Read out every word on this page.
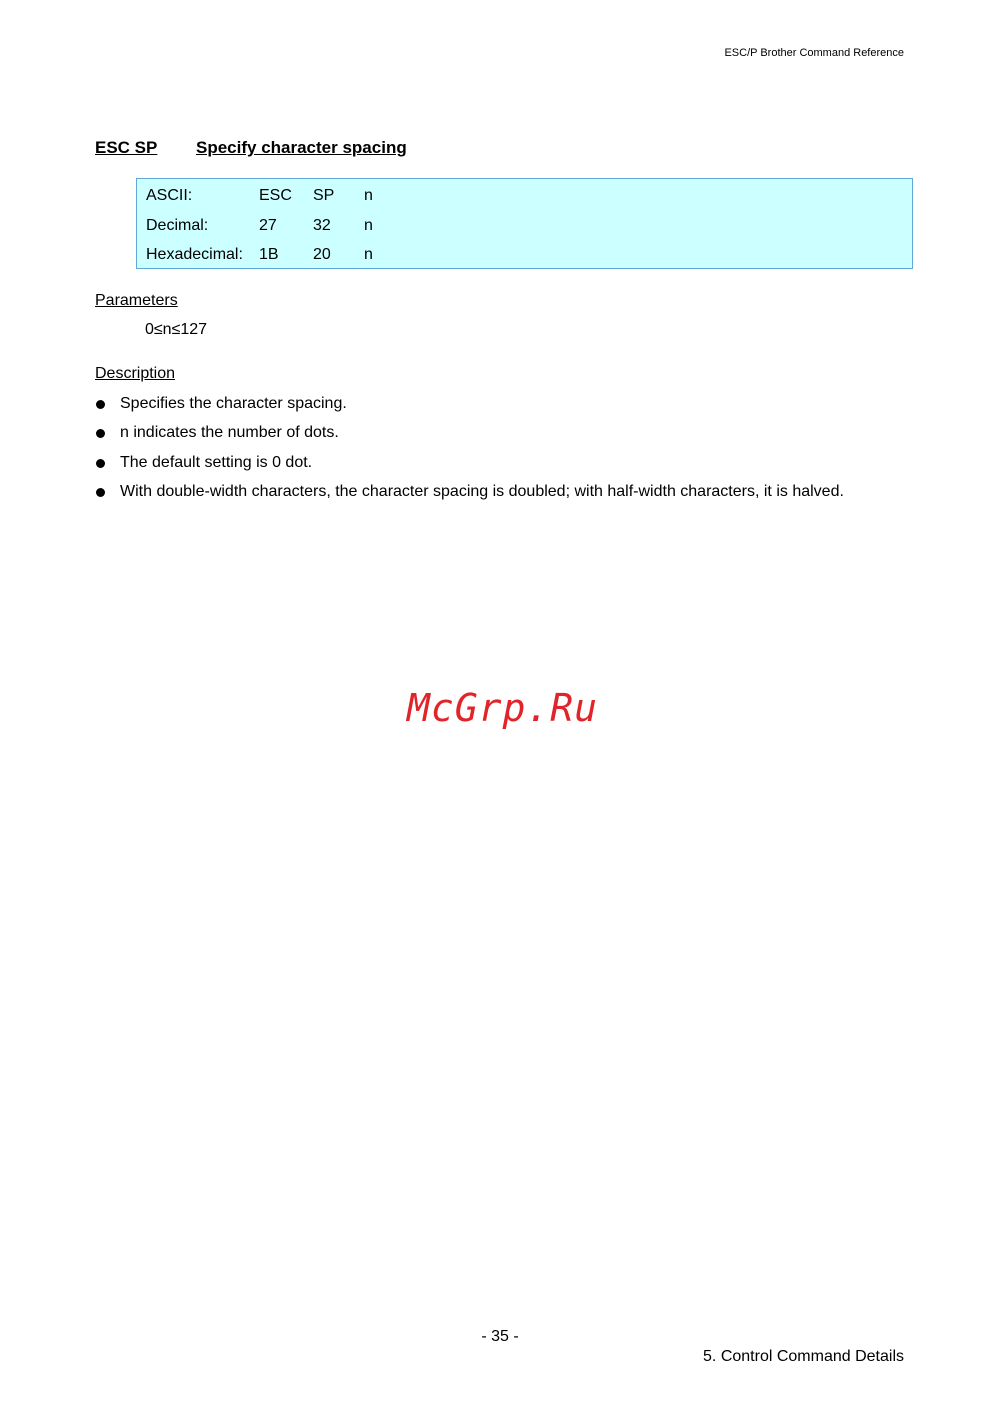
ESC/P Brother Command Reference
ESC SP Specify character spacing
ASCII:	ESC SP n
Decimal:	27 32 n
Hexadecimal: 1B 20 n
Parameters
0≤n≤127
Description
Specifies the character spacing.
n indicates the number of dots.
The default setting is 0 dot.
With double-width characters, the character spacing is doubled; with half-width characters, it is halved.
McGrp.Ru
- 35 -
5. Control Command Details
